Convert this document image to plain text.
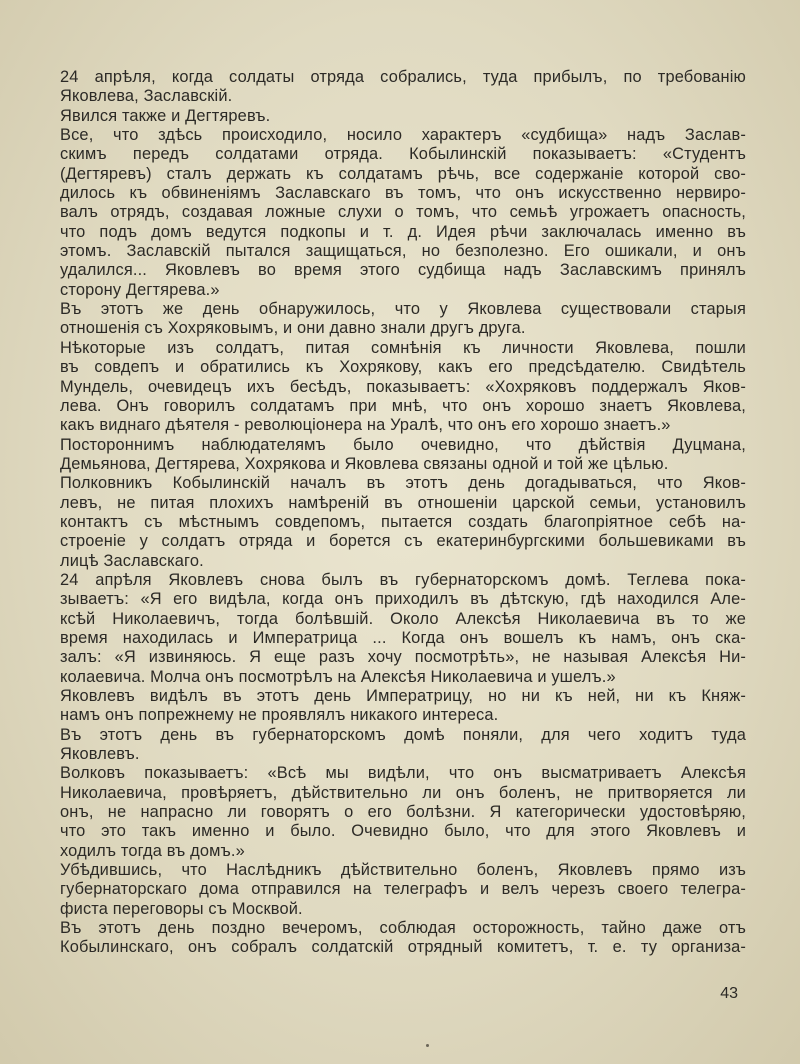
24 апрѣля, когда солдаты отряда собрались, туда прибылъ, по требованію
Яковлева, Заславскій.

Явился также и Дегтяревъ.

Все, что здѣсь происходило, носило характеръ «судбища» надъ Заслав-
скимъ передъ солдатами отряда. Кобылинскій показываетъ: «Студентъ
(Дегтяревъ) сталъ держать къ солдатамъ рѣчь, все содержаніе которой сво-
дилось къ обвиненіямъ Заславскаго въ томъ, что онъ искусственно нервиро-
валъ отрядъ, создавая ложные слухи о томъ, что семьѣ угрожаетъ опасность,
что подъ домъ ведутся подкопы и т. д. Идея рѣчи заключалась именно въ
этомъ. Заславскій пытался защищаться, но безполезно. Его ошикали, и онъ
удалился... Яковлевъ во время этого судбища надъ Заславскимъ принялъ
сторону Дегтярева.»

Въ этотъ же день обнаружилось, что у Яковлева существовали старыя
отношенія съ Хохряковымъ, и они давно знали другъ друга.

Нѣкоторые изъ солдатъ, питая сомнѣнія къ личности Яковлева, пошли
въ совдепъ и обратились къ Хохрякову, какъ его предсѣдателю. Свидѣтель
Мундель, очевидецъ ихъ бесѣдъ, показываетъ: «Хохряковъ поддержалъ Яков-
лева. Онъ говорилъ солдатамъ при мнѣ, что онъ хорошо знаетъ Яковлева,
какъ виднаго дѣятеля - революціонера на Уралѣ, что онъ его хорошо знаетъ.»

Постороннимъ наблюдателямъ было очевидно, что дѣйствія Дуцмана,
Демьянова, Дегтярева, Хохрякова и Яковлева связаны одной и той же цѣлью.

Полковникъ Кобылинскій началъ въ этотъ день догадываться, что Яков-
левъ, не питая плохихъ намѣреній въ отношеніи царской семьи, установилъ
контактъ съ мѣстнымъ совдепомъ, пытается создать благопріятное себѣ на-
строеніе у солдатъ отряда и борется съ екатеринбургскими большевиками въ
лицѣ Заславскаго.

24 апрѣля Яковлевъ снова былъ въ губернаторскомъ домѣ. Теглева пока-
зываетъ: «Я его видѣла, когда онъ приходилъ въ дѣтскую, гдѣ находился Але-
ксѣй Николаевичъ, тогда болѣвшій. Около Алексѣя Николаевича въ то же
время находилась и Императрица ... Когда онъ вошелъ къ намъ, онъ ска-
залъ: «Я извиняюсь. Я еще разъ хочу посмотрѣть», не называя Алексѣя Ни-
колаевича. Молча онъ посмотрѣлъ на Алексѣя Николаевича и ушелъ.»

Яковлевъ видѣлъ въ этотъ день Императрицу, но ни къ ней, ни къ Княж-
намъ онъ попрежнему не проявлялъ никакого интереса.

Въ этотъ день въ губернаторскомъ домѣ поняли, для чего ходитъ туда
Яковлевъ.

Волковъ показываетъ: «Всѣ мы видѣли, что онъ высматриваетъ Алексѣя
Николаевича, провѣряетъ, дѣйствительно ли онъ боленъ, не притворяется ли
онъ, не напрасно ли говорятъ о его болѣзни. Я категорически удостовѣряю,
что это такъ именно и было. Очевидно было, что для этого Яковлевъ и
ходилъ тогда въ домъ.»

Убѣдившись, что Наслѣдникъ дѣйствительно боленъ, Яковлевъ прямо изъ
губернаторскаго дома отправился на телеграфъ и велъ черезъ своего телегра-
фиста переговоры съ Москвой.

Въ этотъ день поздно вечеромъ, соблюдая осторожность, тайно даже отъ
Кобылинскаго, онъ собралъ солдатскій отрядный комитетъ, т. е. ту организа-

43
